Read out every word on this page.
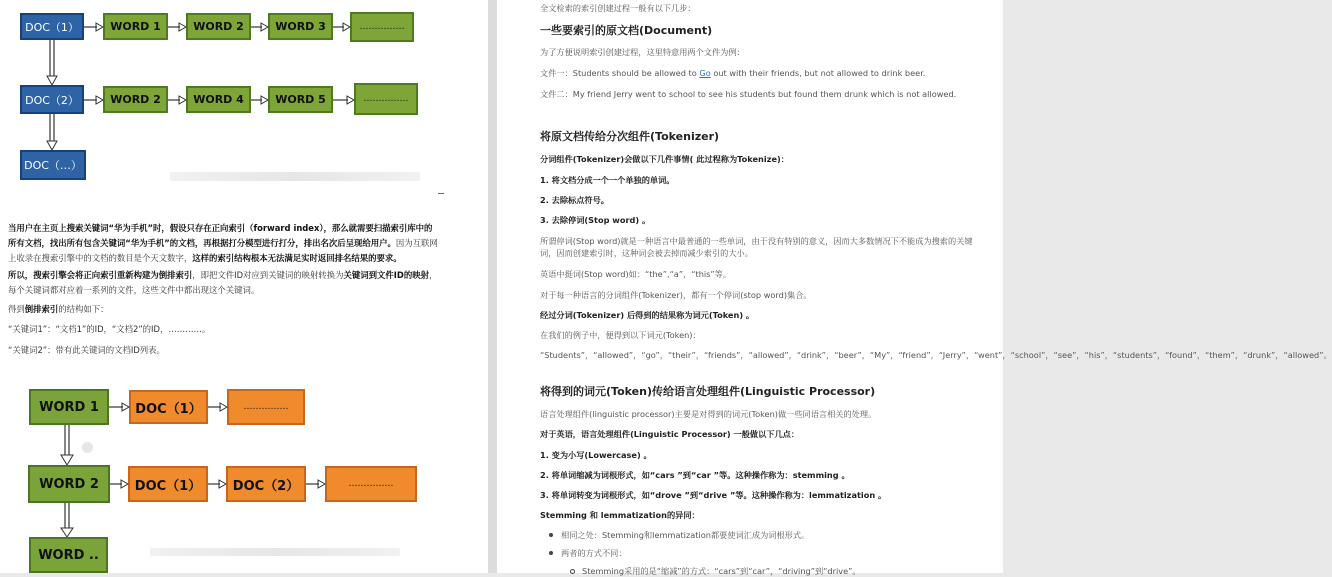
DOC（1）	WORD 1	WORD 2	WORD 3	……………
DOC（2）	WORD 2	WORD 4	WORD 5	……………
DOC（…）

当用户在主页上搜索关键词“华为手机”时，假设只存在正向索引（forward index），那么就需要扫描索引库中的所有文档，找出所有包含关键词“华为手机”的文档，再根据打分模型进行打分，排出名次后呈现给用户。因为互联网上收录在搜索引擎中的文档的数目是个天文数字，这样的索引结构根本无法满足实时返回排名结果的要求。

所以，搜索引擎会将正向索引重新构建为倒排索引，即把文件ID对应到关键词的映射转换为关键词到文件ID的映射，每个关键词都对应着一系列的文件，这些文件中都出现这个关键词。

得到倒排索引的结构如下：

“关键词1”：“文档1”的ID，“文档2”的ID，…………。

“关键词2”：带有此关键词的文档ID列表。

WORD 1	DOC（1）	……………
WORD 2	DOC（1）	DOC（2）	……………
WORD ..

全文检索的索引创建过程一般有以下几步：

一些要索引的原文档(Document)

为了方便说明索引创建过程，这里特意用两个文件为例：

文件一：Students should be allowed to Go out with their friends, but not allowed to drink beer.

文件二：My friend Jerry went to school to see his students but found them drunk which is not allowed.

将原文档传给分次组件(Tokenizer)

分词组件(Tokenizer)会做以下几件事情( 此过程称为Tokenize)：

1. 将文档分成一个一个单独的单词。

2. 去除标点符号。

3. 去除停词(Stop word) 。

所谓停词(Stop word)就是一种语言中最普通的一些单词，由于没有特别的意义，因而大多数情况下不能成为搜索的关键词，因而创建索引时，这种词会被去掉而减少索引的大小。

英语中挺词(Stop word)如：“the”,“a”，“this”等。

对于每一种语言的分词组件(Tokenizer)，都有一个停词(stop word)集合。

经过分词(Tokenizer) 后得到的结果称为词元(Token) 。

在我们的例子中，便得到以下词元(Token)：

“Students”，“allowed”，“go”，“their”，“friends”，“allowed”，“drink”，“beer”，“My”，“friend”，“Jerry”，“went”，“school”，“see”，“his”，“students”，“found”，“them”，“drunk”，“allowed”。

将得到的词元(Token)传给语言处理组件(Linguistic Processor)

语言处理组件(linguistic processor)主要是对得到的词元(Token)做一些同语言相关的处理。

对于英语，语言处理组件(Linguistic Processor) 一般做以下几点：

1. 变为小写(Lowercase) 。

2. 将单词缩减为词根形式，如“cars ”到“car ”等。这种操作称为：stemming 。

3. 将单词转变为词根形式，如“drove ”到“drive ”等。这种操作称为：lemmatization 。

Stemming 和 lemmatization的异同：

相同之处：Stemming和lemmatization都要使词汇成为词根形式。

两者的方式不同：

Stemming采用的是“缩减”的方式：“cars”到“car”，“driving”到“drive”。
